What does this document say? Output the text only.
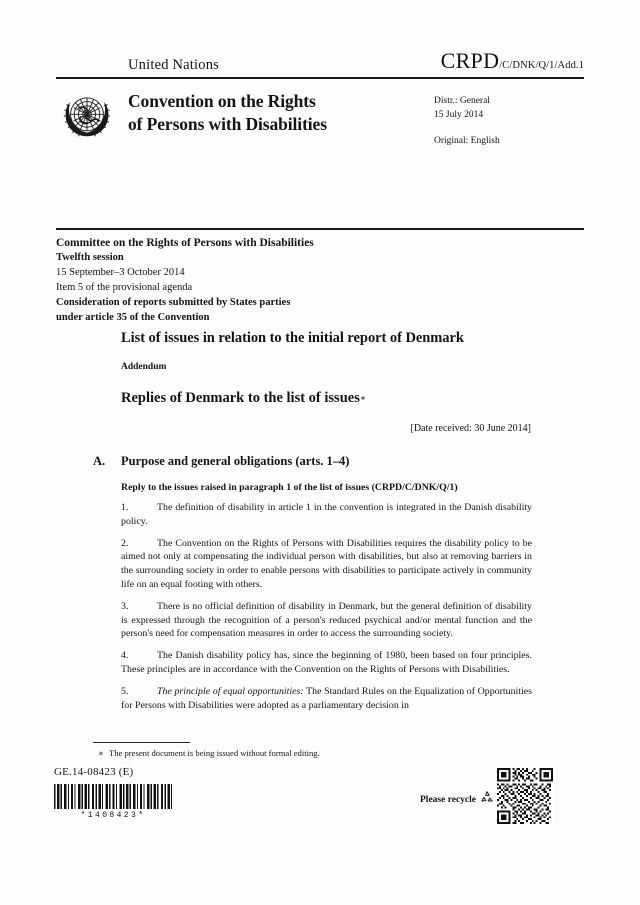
United Nations	CRPD/C/DNK/Q/1/Add.1
Convention on the Rights
of Persons with Disabilities
Distr.: General
15 July 2014
Original: English
Committee on the Rights of Persons with Disabilities
Twelfth session
15 September–3 October 2014
Item 5 of the provisional agenda
Consideration of reports submitted by States parties
under article 35 of the Convention
List of issues in relation to the initial report of Denmark
Addendum
Replies of Denmark to the list of issues∗
[Date received: 30 June 2014]
A.	Purpose and general obligations (arts. 1–4)
Reply to the issues raised in paragraph 1 of the list of issues (CRPD/C/DNK/Q/1)

1.	The definition of disability in article 1 in the convention is integrated in the Danish disability policy.

2.	The Convention on the Rights of Persons with Disabilities requires the disability policy to be aimed not only at compensating the individual person with disabilities, but also at removing barriers in the surrounding society in order to enable persons with disabilities to participate actively in community life on an equal footing with others.

3.	There is no official definition of disability in Denmark, but the general definition of disability is expressed through the recognition of a person's reduced psychical and/or mental function and the person's need for compensation measures in order to access the surrounding society.

4.	The Danish disability policy has, since the beginning of 1980, been based on four principles. These principles are in accordance with the Convention on the Rights of Persons with Disabilities.

5.	The principle of equal opportunities: The Standard Rules on the Equalization of Opportunities for Persons with Disabilities were adopted as a parliamentary decision in

∗ The present document is being issued without formal editing.
GE.14-08423 (E)
*1408423*
Please recycle
